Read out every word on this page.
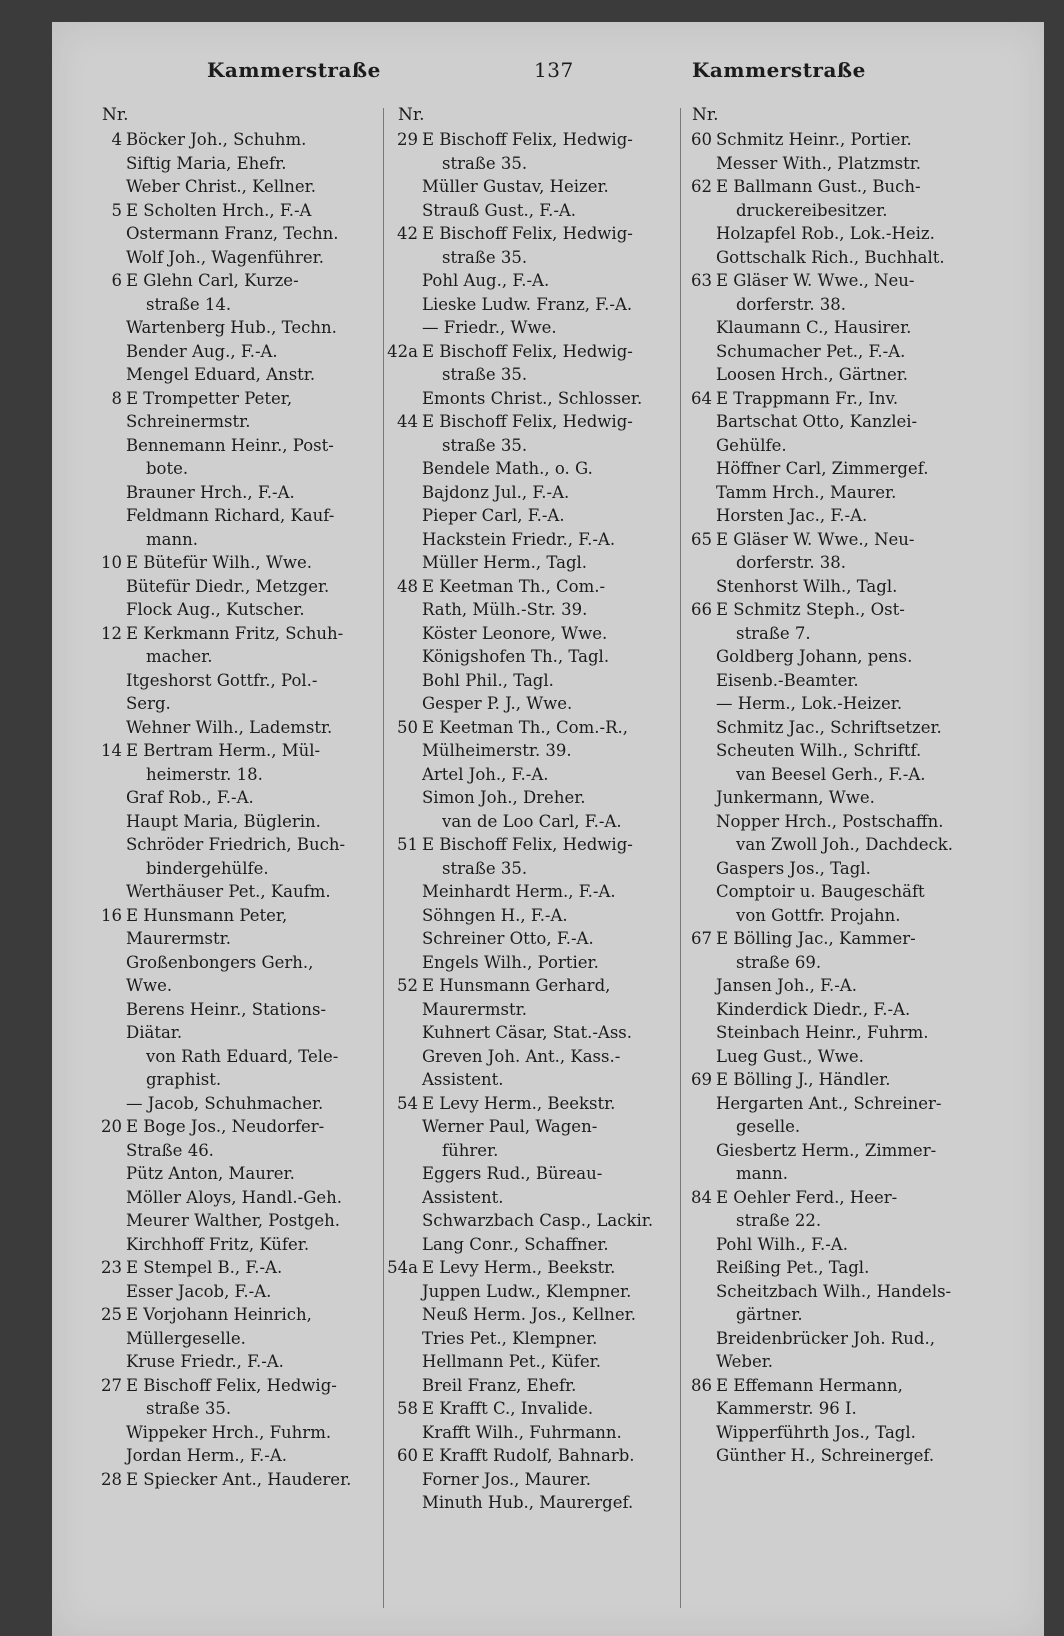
Kammerstraße	137	Kammerstraße
Nr.
4 Böcker Joh., Schuhm.
Siftig Maria, Ehefr.
Weber Christ., Kellner.
5 E Scholten Hrch., F.-A
Ostermann Franz, Techn.
Wolf Joh., Wagenführer.
6 E Glehn Carl, Kurze-
straße 14.
Wartenberg Hub., Techn.
Bender Aug., F.-A.
Mengel Eduard, Anstr.
8 E Trompetter Peter,
Schreinermstr.
Bennemann Heinr., Post-
bote.
Brauner Hrch., F.-A.
Feldmann Richard, Kauf-
mann.
10 E Bütefür Wilh., Wwe.
Bütefür Diedr., Metzger.
Flock Aug., Kutscher.
12 E Kerkmann Fritz, Schuh-
macher.
Itgeshorst Gottfr., Pol.-
Serg.
Wehner Wilh., Lademstr.
14 E Bertram Herm., Mül-
heimerstr. 18.
Graf Rob., F.-A.
Haupt Maria, Büglerin.
Schröder Friedrich, Buch-
bindergehülfe.
Werthäuser Pet., Kaufm.
16 E Hunsmann Peter,
Maurermstr.
Großenbongers Gerh.,
Wwe.
Berens Heinr., Stations-
Diätar.
von Rath Eduard, Tele-
graphist.
— Jacob, Schuhmacher.
20 E Boge Jos., Neudorfer-
Straße 46.
Pütz Anton, Maurer.
Möller Aloys, Handl.-Geh.
Meurer Walther, Postgeh.
Kirchhoff Fritz, Küfer.
23 E Stempel B., F.-A.
Esser Jacob, F.-A.
25 E Vorjohann Heinrich,
Müllergeselle.
Kruse Friedr., F.-A.
27 E Bischoff Felix, Hedwig-
straße 35.
Wippeker Hrch., Fuhrm.
Jordan Herm., F.-A.
28 E Spiecker Ant., Hauderer.
Nr.
29 E Bischoff Felix, Hedwig-
straße 35.
Müller Gustav, Heizer.
Strauß Gust., F.-A.
42 E Bischoff Felix, Hedwig-
straße 35.
Pohl Aug., F.-A.
Lieske Ludw. Franz, F.-A.
— Friedr., Wwe.
42a E Bischoff Felix, Hedwig-
straße 35.
Emonts Christ., Schlosser.
44 E Bischoff Felix, Hedwig-
straße 35.
Bendele Math., o. G.
Bajdonz Jul., F.-A.
Pieper Carl, F.-A.
Hackstein Friedr., F.-A.
Müller Herm., Tagl.
48 E Keetman Th., Com.-
Rath, Mülh.-Str. 39.
Köster Leonore, Wwe.
Königshofen Th., Tagl.
Bohl Phil., Tagl.
Gesper P. J., Wwe.
50 E Keetman Th., Com.-R.,
Mülheimerstr. 39.
Artel Joh., F.-A.
Simon Joh., Dreher.
van de Loo Carl, F.-A.
51 E Bischoff Felix, Hedwig-
straße 35.
Meinhardt Herm., F.-A.
Söhngen H., F.-A.
Schreiner Otto, F.-A.
Engels Wilh., Portier.
52 E Hunsmann Gerhard,
Maurermstr.
Kuhnert Cäsar, Stat.-Ass.
Greven Joh. Ant., Kass.-
Assistent.
54 E Levy Herm., Beekstr.
Werner Paul, Wagen-
führer.
Eggers Rud., Büreau-
Assistent.
Schwarzbach Casp., Lackir.
Lang Conr., Schaffner.
54a E Levy Herm., Beekstr.
Juppen Ludw., Klempner.
Neuß Herm. Jos., Kellner.
Tries Pet., Klempner.
Hellmann Pet., Küfer.
Breil Franz, Ehefr.
58 E Krafft C., Invalide.
Krafft Wilh., Fuhrmann.
60 E Krafft Rudolf, Bahnarb.
Forner Jos., Maurer.
Minuth Hub., Maurergef.
Nr.
60 Schmitz Heinr., Portier.
Messer With., Platzmstr.
62 E Ballmann Gust., Buch-
druckereibesitzer.
Holzapfel Rob., Lok.-Heiz.
Gottschalk Rich., Buchhalt.
63 E Gläser W. Wwe., Neu-
dorferstr. 38.
Klaumann C., Hausirer.
Schumacher Pet., F.-A.
Loosen Hrch., Gärtner.
64 E Trappmann Fr., Inv.
Bartschat Otto, Kanzlei-
Gehülfe.
Höffner Carl, Zimmergef.
Tamm Hrch., Maurer.
Horsten Jac., F.-A.
65 E Gläser W. Wwe., Neu-
dorferstr. 38.
Stenhorst Wilh., Tagl.
66 E Schmitz Steph., Ost-
straße 7.
Goldberg Johann, pens.
Eisenb.-Beamter.
— Herm., Lok.-Heizer.
Schmitz Jac., Schriftsetzer.
Scheuten Wilh., Schriftf.
van Beesel Gerh., F.-A.
Junkermann, Wwe.
Nopper Hrch., Postschaffn.
van Zwoll Joh., Dachdeck.
Gaspers Jos., Tagl.
Comptoir u. Baugeschäft
von Gottfr. Projahn.
67 E Bölling Jac., Kammer-
straße 69.
Jansen Joh., F.-A.
Kinderdick Diedr., F.-A.
Steinbach Heinr., Fuhrm.
Lueg Gust., Wwe.
69 E Bölling J., Händler.
Hergarten Ant., Schreiner-
geselle.
Giesbertz Herm., Zimmer-
mann.
84 E Oehler Ferd., Heer-
straße 22.
Pohl Wilh., F.-A.
Reißing Pet., Tagl.
Scheitzbach Wilh., Handels-
gärtner.
Breidenbrücker Joh. Rud.,
Weber.
86 E Effemann Hermann,
Kammerstr. 96 I.
Wipperführth Jos., Tagl.
Günther H., Schreinergef.
